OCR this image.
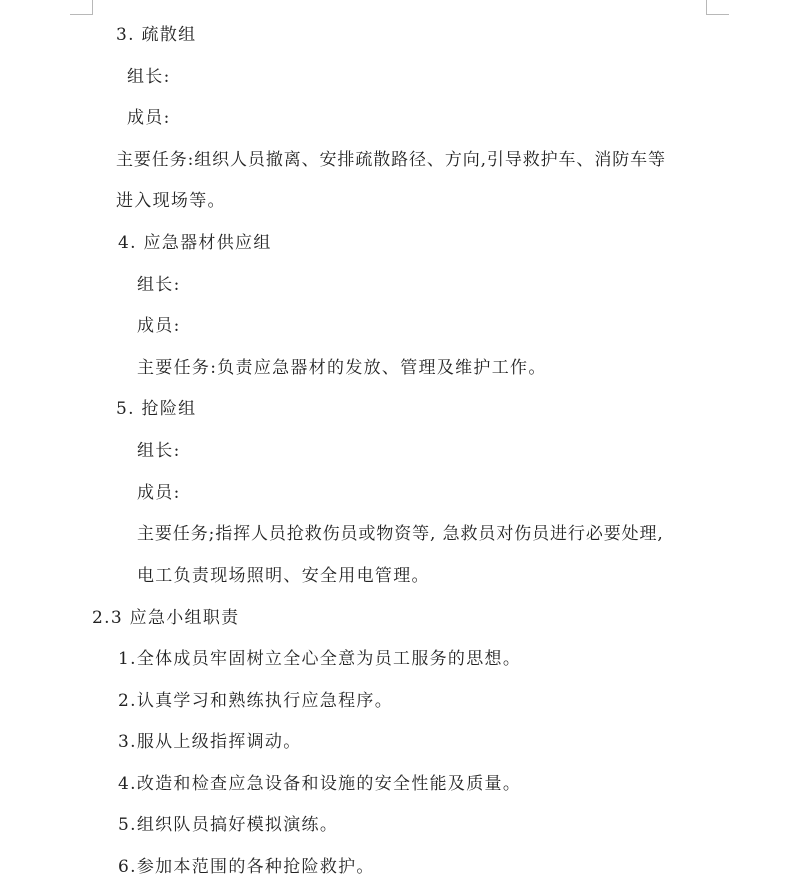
3. 疏散组
组长:
成员:
主要任务:组织人员撤离、安排疏散路径、方向,引导救护车、消防车等
进入现场等。
4. 应急器材供应组
组长:
成员:
主要任务:负责应急器材的发放、管理及维护工作。
5. 抢险组
组长:
成员:
主要任务;指挥人员抢救伤员或物资等, 急救员对伤员进行必要处理,
电工负责现场照明、安全用电管理。
2.3 应急小组职责
1.全体成员牢固树立全心全意为员工服务的思想。
2.认真学习和熟练执行应急程序。
3.服从上级指挥调动。
4.改造和检查应急设备和设施的安全性能及质量。
5.组织队员搞好模拟演练。
6.参加本范围的各种抢险救护。
